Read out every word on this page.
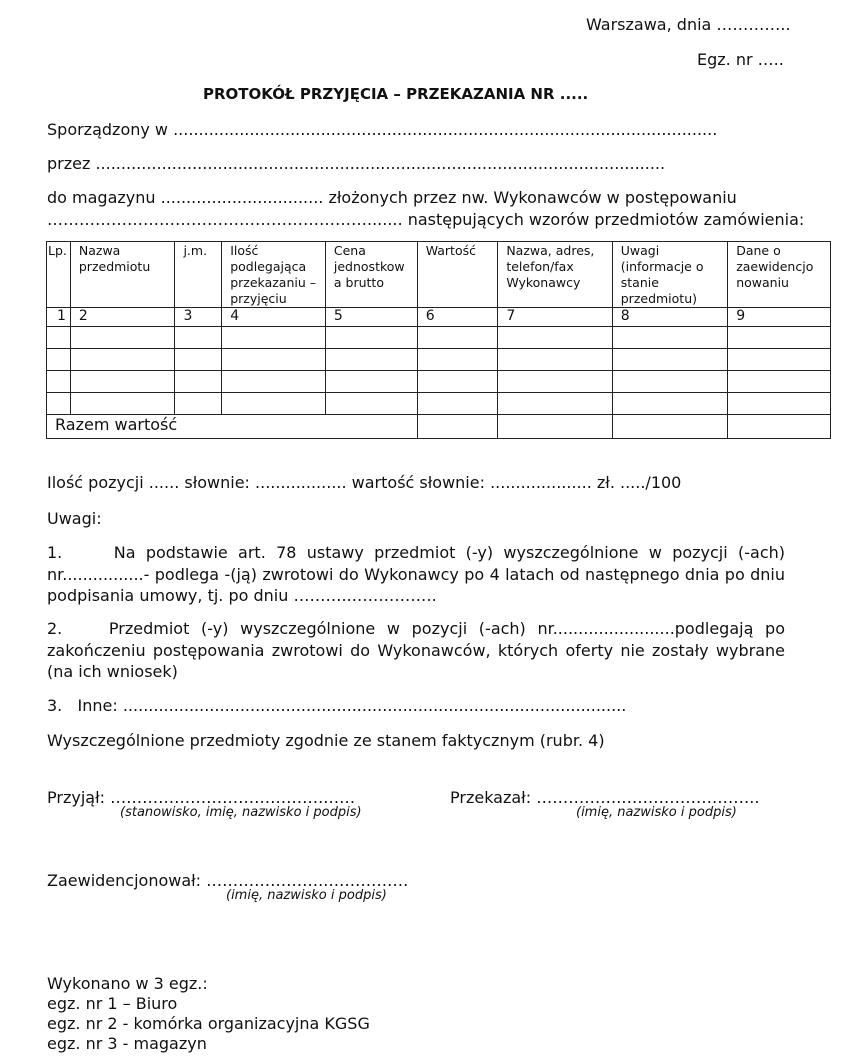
Warszawa, dnia …………..
Egz. nr …..
PROTOKÓŁ PRZYJĘCIA – PRZEKAZANIA NR .....
Sporządzony w ...........................................................................................................
przez ................................................................................................................
do magazynu ................................ złożonych przez nw. Wykonawców w postępowaniu
……………………………………………………....... następujących wzorów przedmiotów zamówienia:
Lp.	Nazwa przedmiotu	j.m.	Ilość podlegająca przekazaniu – przyjęciu	Cena jednostkow a brutto	Wartość	Nazwa, adres, telefon/fax Wykonawcy	Uwagi (informacje o stanie przedmiotu)	Dane o zaewidencjo nowaniu
1	2	3	4	5	6	7	8	9

Razem wartość								
Ilość pozycji ...... słownie: .................. wartość słownie: .................... zł. ...../100
Uwagi:
1.     Na podstawie art. 78 ustawy przedmiot (-y) wyszczególnione w pozycji (-ach) nr................- podlega -(ją) zwrotowi do Wykonawcy po 4 latach od następnego dnia po dniu podpisania umowy, tj. po dniu ………..…………….
2.    Przedmiot (-y) wyszczególnione w pozycji (-ach) nr........................podlegają po zakończeniu postępowania zwrotowi do Wykonawców, których oferty nie zostały wybrane (na ich wniosek)
3.   Inne: ...................................................................................................
Wyszczególnione przedmioty zgodnie ze stanem faktycznym (rubr. 4)
Przyjął: ………………………………….……
(stanowisko, imię, nazwisko i podpis)
Przekazał: …………….……………………..
(imię, nazwisko i podpis)
Zaewidencjonował: …………………..……………
(imię, nazwisko i podpis)
Wykonano w 3 egz.:
egz. nr 1 – Biuro
egz. nr 2 - komórka organizacyjna KGSG
egz. nr 3 - magazyn
